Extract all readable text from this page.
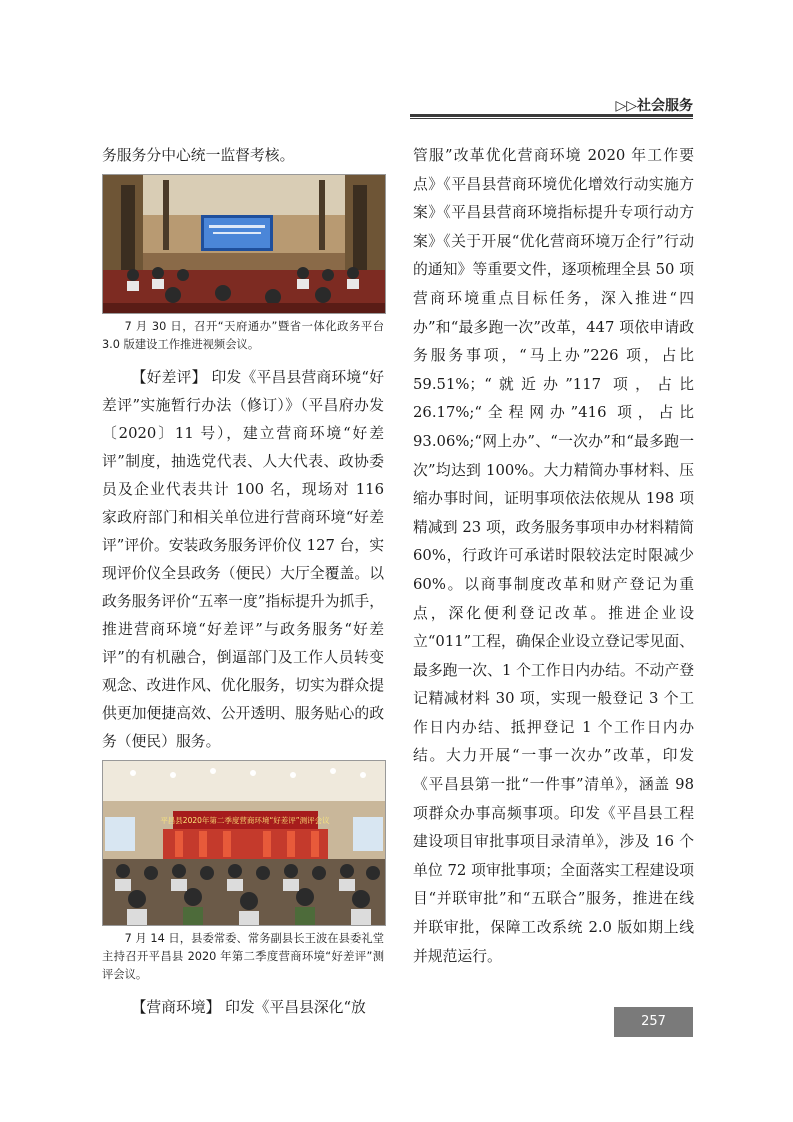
▷▷社会服务

务服务分中心统一监督考核。

7 月 30 日，召开“天府通办”暨省一体化政务平台 3.0 版建设工作推进视频会议。

【好差评】 印发《平昌县营商环境“好差评”实施暂行办法（修订）》（平昌府办发〔2020〕11 号），建立营商环境“好差评”制度，抽选党代表、人大代表、政协委员及企业代表共计 100 名，现场对 116 家政府部门和相关单位进行营商环境“好差评”评价。安装政务服务评价仪 127 台，实现评价仪全县政务（便民）大厅全覆盖。以政务服务评价“五率一度”指标提升为抓手，推进营商环境“好差评”与政务服务“好差评”的有机融合，倒逼部门及工作人员转变观念、改进作风、优化服务，切实为群众提供更加便捷高效、公开透明、服务贴心的政务（便民）服务。

平昌县2020年第二季度营商环境“好差评”测评会议

7 月 14 日，县委常委、常务副县长王波在县委礼堂主持召开平昌县 2020 年第二季度营商环境“好差评”测评会议。

【营商环境】 印发《平昌县深化“放

管服”改革优化营商环境 2020 年工作要点》《平昌县营商环境优化增效行动实施方案》《平昌县营商环境指标提升专项行动方案》《关于开展“优化营商环境万企行”行动的通知》等重要文件，逐项梳理全县 50 项营商环境重点目标任务，深入推进“四办”和“最多跑一次”改革，447 项依申请政务服务事项，“马上办”226 项，占比 59.51%；“就近办”117 项，占比 26.17%;“全程网办”416 项，占比 93.06%;“网上办”、“一次办”和“最多跑一次”均达到 100%。大力精简办事材料、压缩办事时间，证明事项依法依规从 198 项精减到 23 项，政务服务事项申办材料精简 60%，行政许可承诺时限较法定时限减少 60%。以商事制度改革和财产登记为重点，深化便利登记改革。推进企业设立“011”工程，确保企业设立登记零见面、最多跑一次、1 个工作日内办结。不动产登记精减材料 30 项，实现一般登记 3 个工作日内办结、抵押登记 1 个工作日内办结。大力开展“一事一次办”改革，印发《平昌县第一批“一件事”清单》，涵盖 98 项群众办事高频事项。印发《平昌县工程建设项目审批事项目录清单》，涉及 16 个单位 72 项审批事项；全面落实工程建设项目“并联审批”和“五联合”服务，推进在线并联审批，保障工改系统 2.0 版如期上线并规范运行。

257
